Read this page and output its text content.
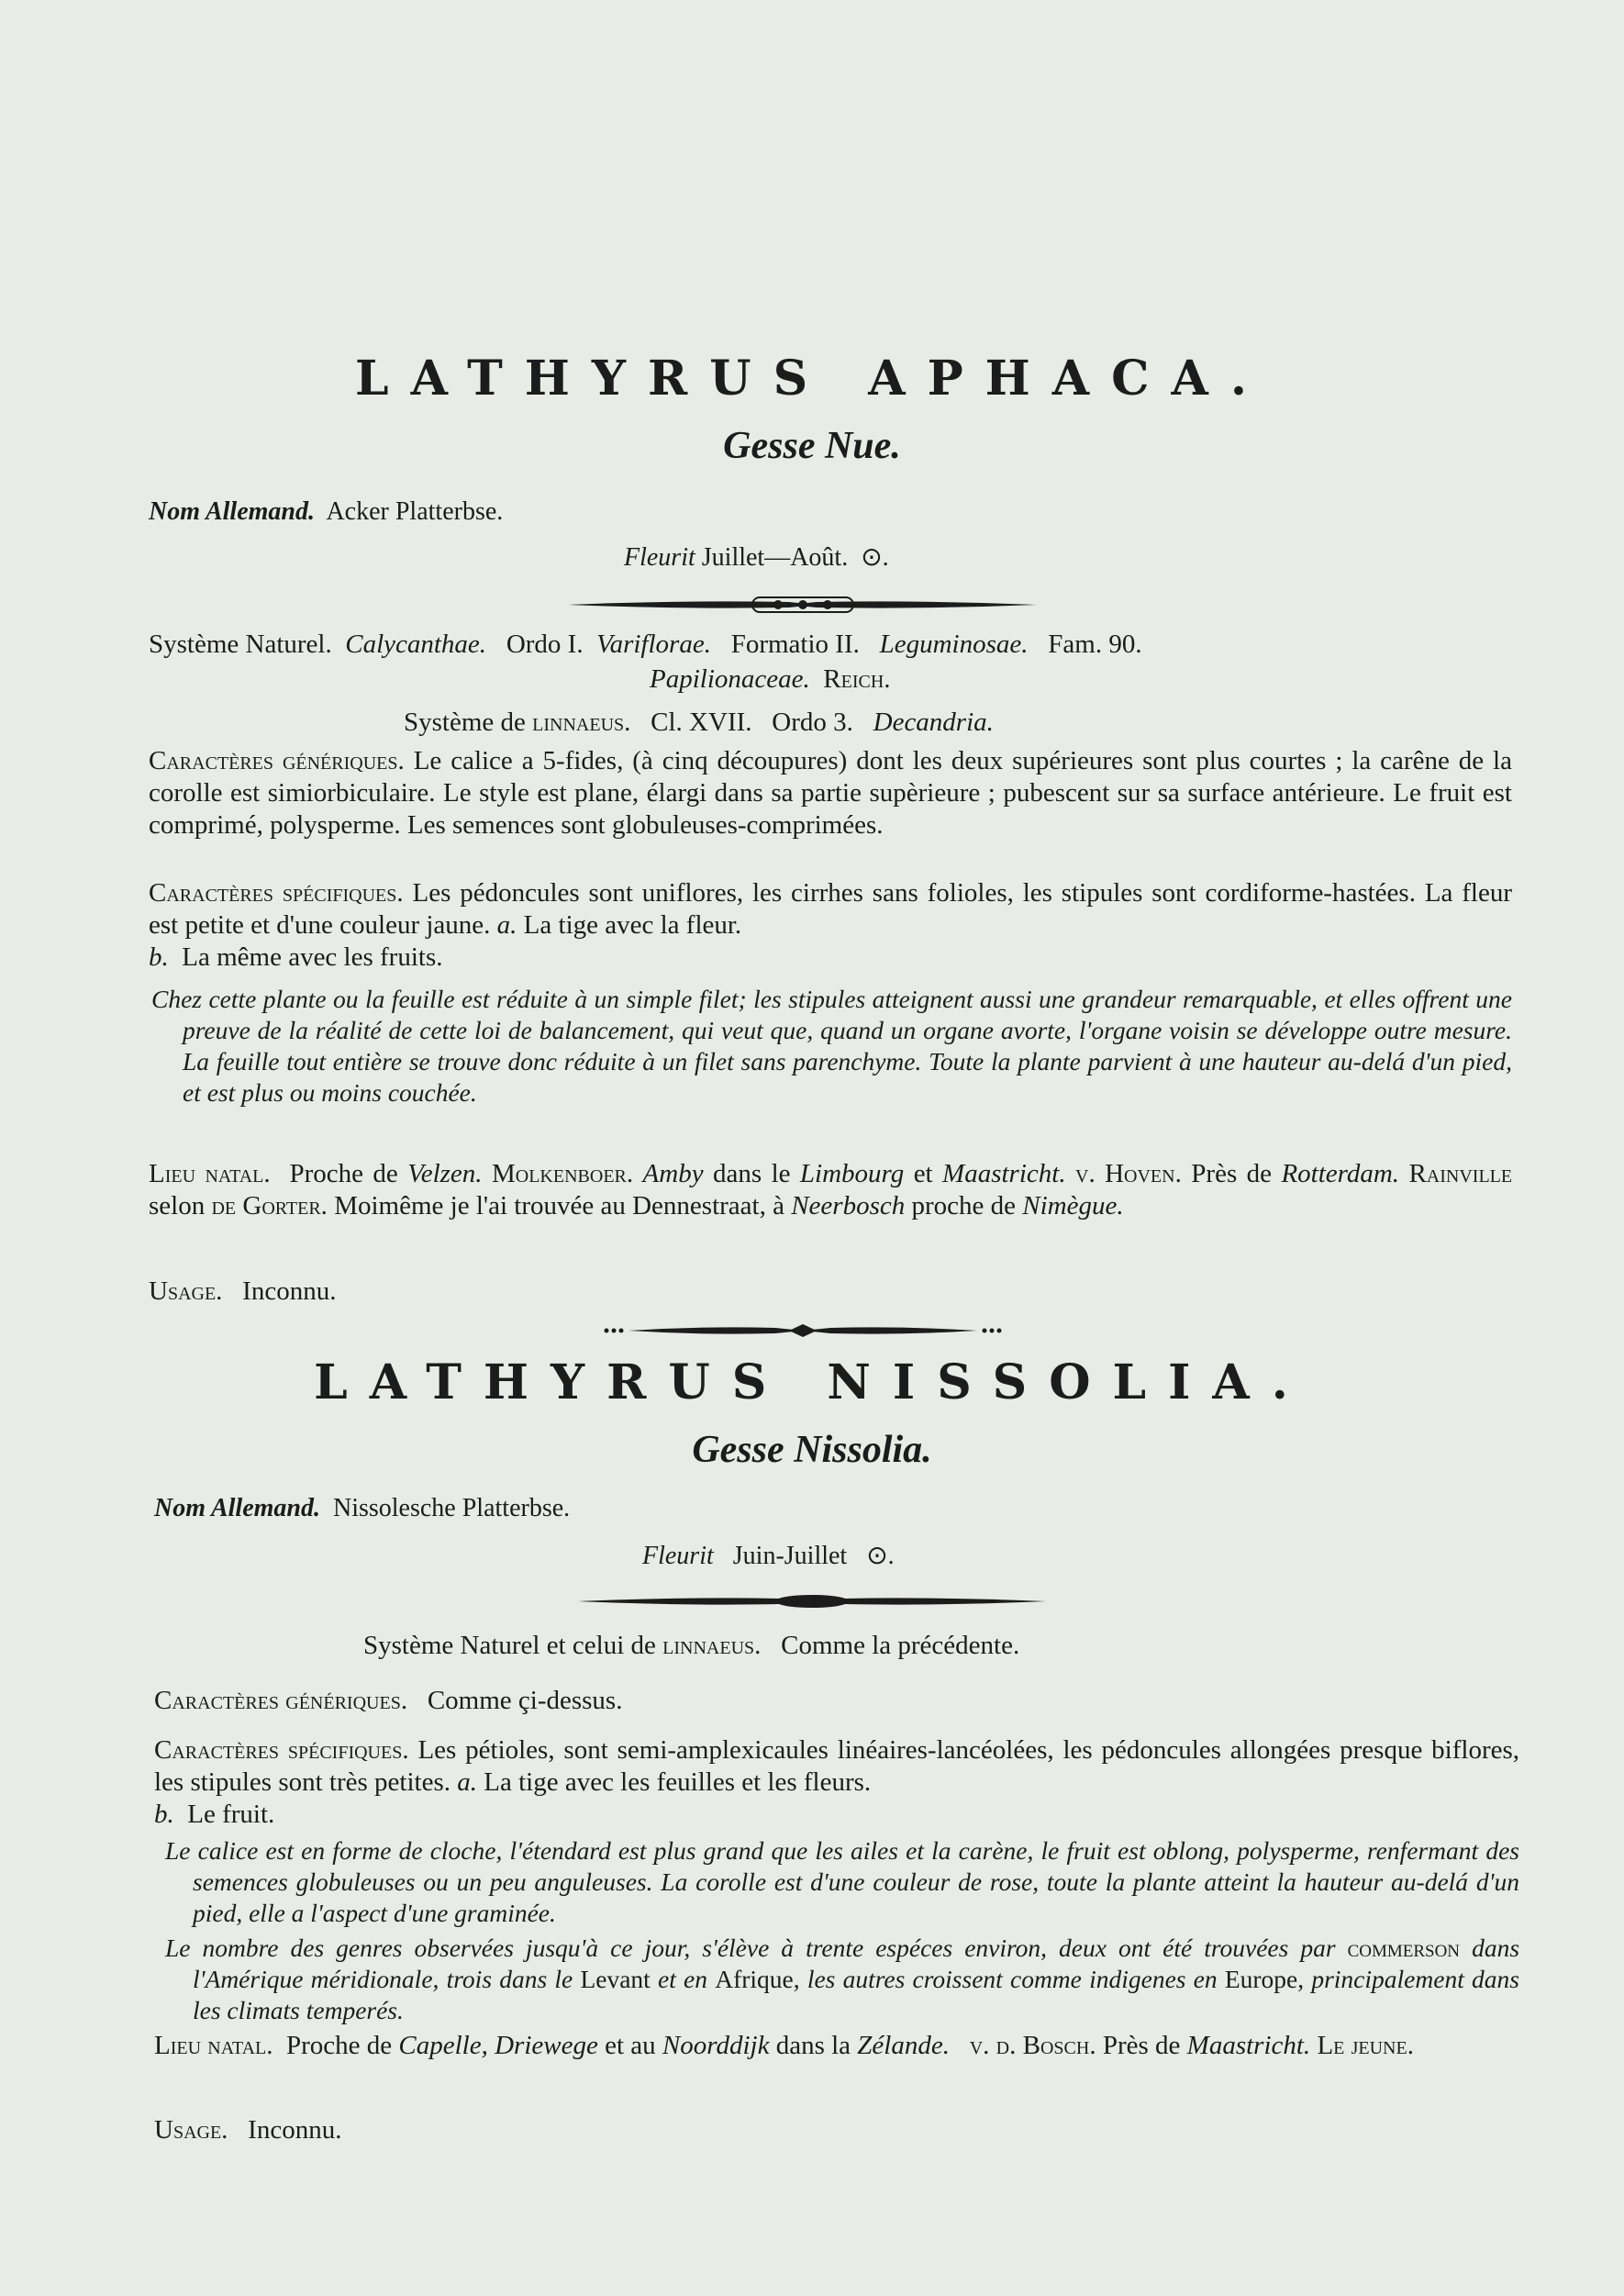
LATHYRUS APHACA.
Gesse Nue.
Nom Allemand. Acker Platterbse.
Fleurit Juillet—Août. ⊙.
Système Naturel. Calycanthae. Ordo I. Variflorae. Formatio II. Leguminosae. Fam. 90.
Papilionaceae. Reich.
Système de linnaeus. Cl. XVII. Ordo 3. Decandria.
Caractères génériques. Le calice a 5-fides, (à cinq découpures) dont les deux supérieures sont plus courtes ; la carêne de la corolle est simiorbiculaire. Le style est plane, élargi dans sa partie supèrieure ; pubescent sur sa surface antérieure. Le fruit est comprimé, polysperme. Les semences sont globuleuses-comprimées.
Caractères spécifiques. Les pédoncules sont uniflores, les cirrhes sans folioles, les stipules sont cordiforme-hastées. La fleur est petite et d'une couleur jaune. a. La tige avec la fleur.
b. La même avec les fruits.
Chez cette plante ou la feuille est réduite à un simple filet; les stipules atteignent aussi une grandeur remarquable, et elles offrent une preuve de la réalité de cette loi de balancement, qui veut que, quand un organe avorte, l'organe voisin se développe outre mesure. La feuille tout entière se trouve donc réduite à un filet sans parenchyme. Toute la plante parvient à une hauteur au-delá d'un pied, et est plus ou moins couchée.
Lieu natal. Proche de Velzen. Molkenboer. Amby dans le Limbourg et Maastricht. v. Hoven. Près de Rotterdam. Rainville selon de Gorter. Moimême je l'ai trouvée au Dennestraat, à Neerbosch proche de Nimègue.
Usage. Inconnu.
LATHYRUS NISSOLIA.
Gesse Nissolia.
Nom Allemand. Nissolesche Platterbse.
Fleurit Juin-Juillet ⊙.
Système Naturel et celui de linnaeus. Comme la précédente.
Caractères génériques. Comme çi-dessus.
Caractères spécifiques. Les pétioles, sont semi-amplexicaules linéaires-lancéolées, les pédoncules allongées presque biflores, les stipules sont très petites. a. La tige avec les feuilles et les fleurs.
b. Le fruit.
Le calice est en forme de cloche, l'étendard est plus grand que les ailes et la carène, le fruit est oblong, polysperme, renfermant des semences globuleuses ou un peu anguleuses. La corolle est d'une couleur de rose, toute la plante atteint la hauteur au-delá d'un pied, elle a l'aspect d'une graminée.
Le nombre des genres observées jusqu'à ce jour, s'élève à trente espéces environ, deux ont été trouvées par commerson dans l'Amérique méridionale, trois dans le Levant et en Afrique, les autres croissent comme indigenes en Europe, principalement dans les climats temperés.
Lieu natal. Proche de Capelle, Driewege et au Noorddijk dans la Zélande. v. d. Bosch. Près de Maastricht. Le jeune.
Usage. Inconnu.
